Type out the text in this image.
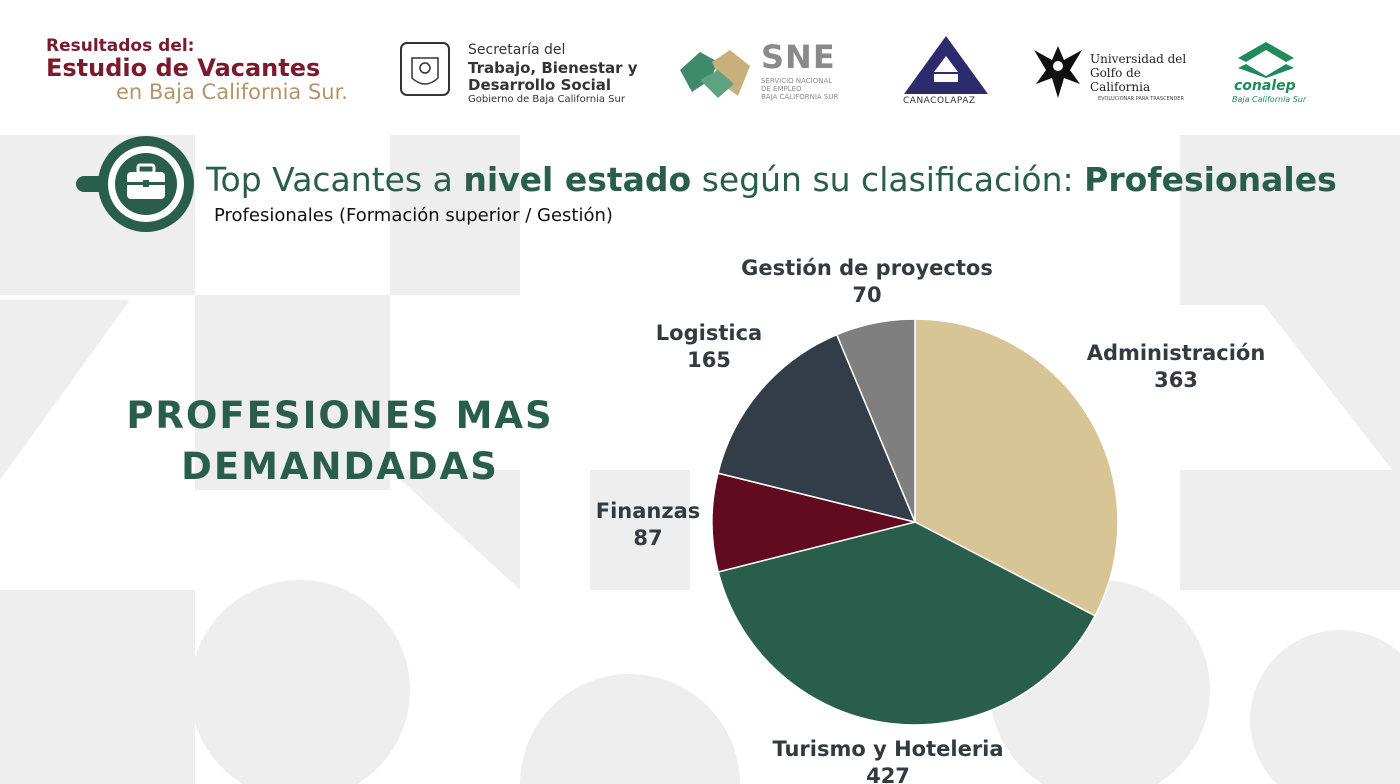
Resultados del:
Estudio de Vacantes
en Baja California Sur.
Secretaría del
Trabajo, Bienestar y
Desarrollo Social
Gobierno de Baja California Sur
SNE
SERVICIO NACIONAL
DE EMPLEO
BAJA CALIFORNIA SUR	CANACOLAPAZ
Universidad del
Golfo de
California
EVOLUCIONAR PARA TRASCENDER
conalep
Baja California Sur
Top Vacantes a nivel estado según su clasificación: Profesionales
Profesionales (Formación superior / Gestión)
PROFESIONES MAS
DEMANDADAS
Administración
363
Turismo y Hoteleria
427
Finanzas
87
Logistica
165
Gestión de proyectos
70
